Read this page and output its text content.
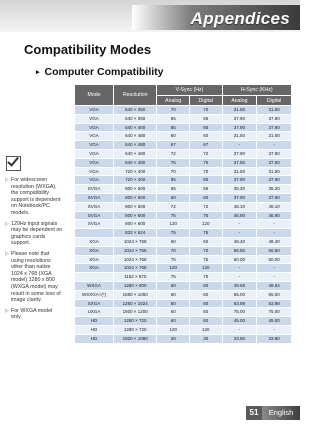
Appendices
Compatibility Modes
▸ Computer Compatibility
▷ For widescreen resolution (WXGA), the compatibility support is dependent on Notebook/PC models.
▷ 120Hz input signals may be dependent on graphics cards support.
▷ Please note that using resolutions other than native 1024 x 768 (XGA model) 1280 x 800 (WXGA model) may result in some loss of image clarity.
▷ For WXGA model only.
Mode	Resolution	V-Sync (Hz)		H-Sync (KHz)	
		Analog	Digital	Analog	Digital
VGA	640 × 350	70	70	31.50	31.50
VGA	640 × 350	85	85	37.90	37.90
VGA	640 × 400	85	85	37.90	37.90
VGA	640 × 480	60	60	31.50	31.50
VGA	640 × 480	67	67	-	-
VGA	640 × 480	72	72	37.90	37.90
VGA	640 × 480	75	75	37.50	37.50
VGA	720 × 400	70	70	31.50	31.50
VGA	720 × 400	85	85	37.90	37.90
SVGA	800 × 600	56	56	35.20	35.20
SVGA	800 × 600	60	60	37.90	37.90
SVGA	800 × 600	72	72	48.10	48.10
SVGA	800 × 600	75	75	46.90	46.90
SVGA	800 × 600	120	120	-	-
	832 × 624	75	75	-	-
XGA	1024 × 768	60	60	48.40	48.40
XGA	1024 × 768	70	70	56.50	56.50
XGA	1024 × 768	75	75	60.00	60.00
XGA	1024 × 768	120	120	-	-
	1152 × 870	75	75	-	-
WXGA	1280 × 800	60	60	49.68	49.64
WSXGA+(*)	1680 × 1050	60	60	65.00	65.00
SXGA	1280 × 1024	60	60	63.98	63.98
UXGA	1600 × 1200	60	60	75.00	75.00
HD	1280 × 720	60	60	45.00	45.00
HD	1280 × 720	120	120	-	-
HD	1920 × 1080	30	30	33.80	33.80
51	English
